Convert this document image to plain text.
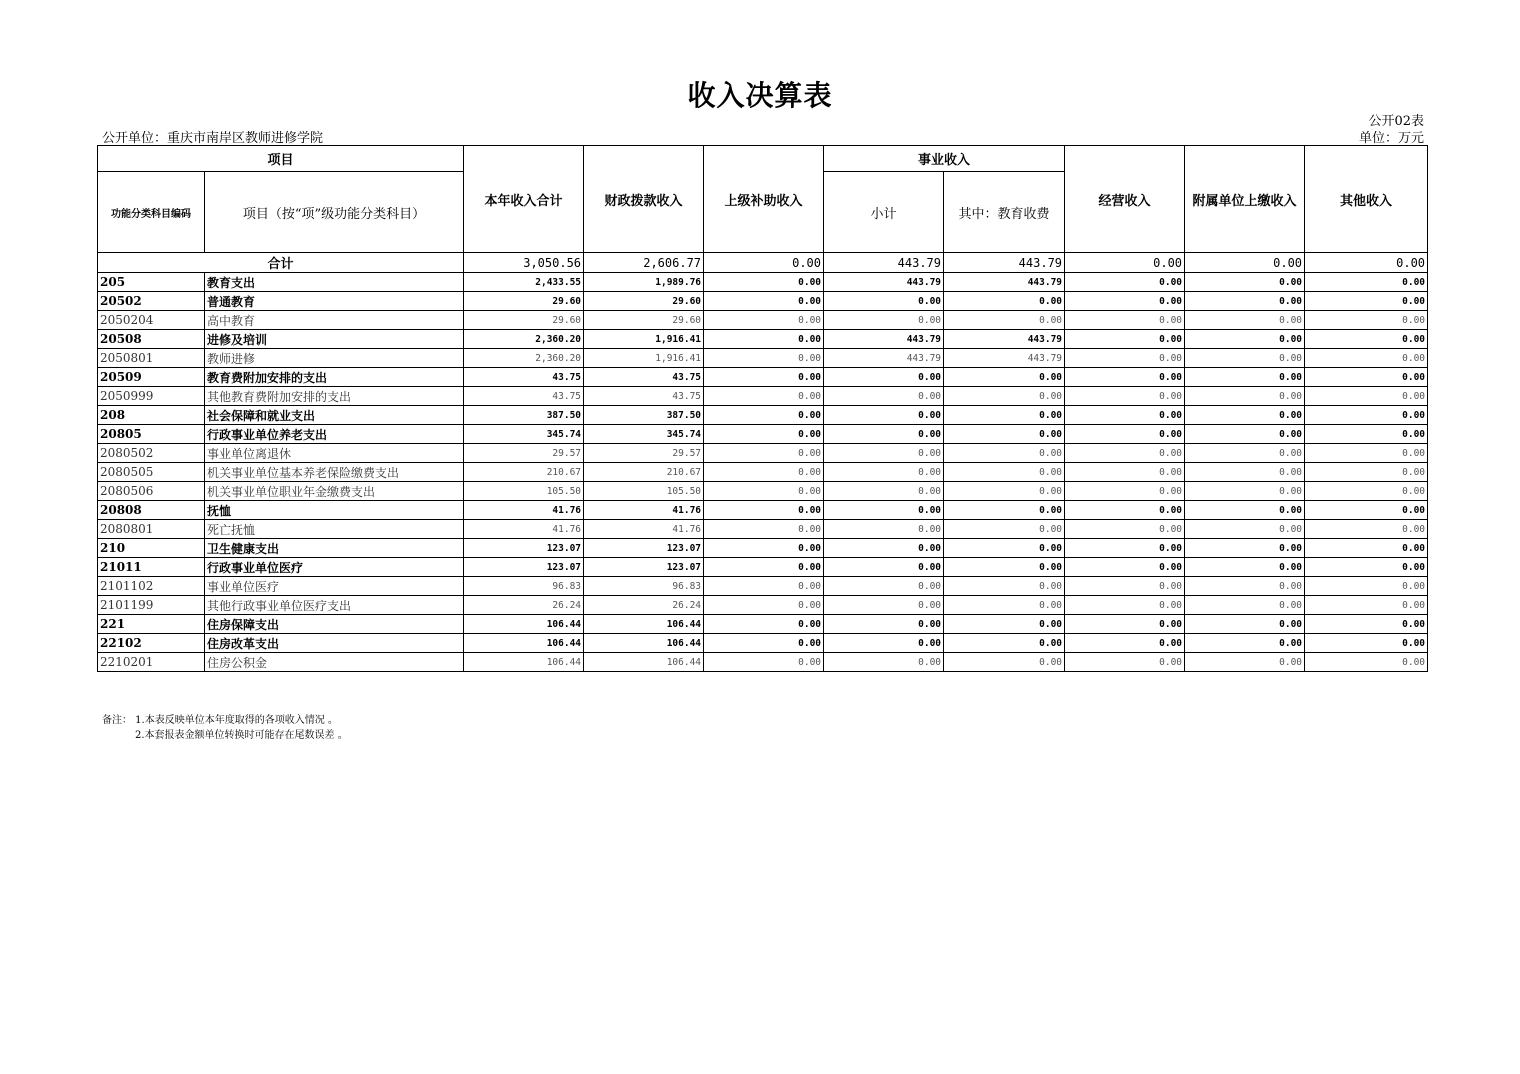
收入决算表
公开02表
公开单位：重庆市南岸区教师进修学院	单位：万元
项目		本年收入合计	财政拨款收入	上级补助收入	事业收入		经营收入	附属单位上缴收入	其他收入
功能分类科目编码	项目（按“项”级功能分类科目）				小计	其中：教育收费			
合计		3,050.56	2,606.77	0.00	443.79	443.79	0.00	0.00	0.00
205	教育支出	2,433.55	1,989.76	0.00	443.79	443.79	0.00	0.00	0.00
20502	普通教育	29.60	29.60	0.00	0.00	0.00	0.00	0.00	0.00
2050204	高中教育	29.60	29.60	0.00	0.00	0.00	0.00	0.00	0.00
20508	进修及培训	2,360.20	1,916.41	0.00	443.79	443.79	0.00	0.00	0.00
2050801	教师进修	2,360.20	1,916.41	0.00	443.79	443.79	0.00	0.00	0.00
20509	教育费附加安排的支出	43.75	43.75	0.00	0.00	0.00	0.00	0.00	0.00
2050999	其他教育费附加安排的支出	43.75	43.75	0.00	0.00	0.00	0.00	0.00	0.00
208	社会保障和就业支出	387.50	387.50	0.00	0.00	0.00	0.00	0.00	0.00
20805	行政事业单位养老支出	345.74	345.74	0.00	0.00	0.00	0.00	0.00	0.00
2080502	事业单位离退休	29.57	29.57	0.00	0.00	0.00	0.00	0.00	0.00
2080505	机关事业单位基本养老保险缴费支出	210.67	210.67	0.00	0.00	0.00	0.00	0.00	0.00
2080506	机关事业单位职业年金缴费支出	105.50	105.50	0.00	0.00	0.00	0.00	0.00	0.00
20808	抚恤	41.76	41.76	0.00	0.00	0.00	0.00	0.00	0.00
2080801	死亡抚恤	41.76	41.76	0.00	0.00	0.00	0.00	0.00	0.00
210	卫生健康支出	123.07	123.07	0.00	0.00	0.00	0.00	0.00	0.00
21011	行政事业单位医疗	123.07	123.07	0.00	0.00	0.00	0.00	0.00	0.00
2101102	事业单位医疗	96.83	96.83	0.00	0.00	0.00	0.00	0.00	0.00
2101199	其他行政事业单位医疗支出	26.24	26.24	0.00	0.00	0.00	0.00	0.00	0.00
221	住房保障支出	106.44	106.44	0.00	0.00	0.00	0.00	0.00	0.00
22102	住房改革支出	106.44	106.44	0.00	0.00	0.00	0.00	0.00	0.00
2210201	住房公积金	106.44	106.44	0.00	0.00	0.00	0.00	0.00	0.00
备注： 1.本表反映单位本年度取得的各项收入情况 。
2.本套报表金额单位转换时可能存在尾数误差 。
